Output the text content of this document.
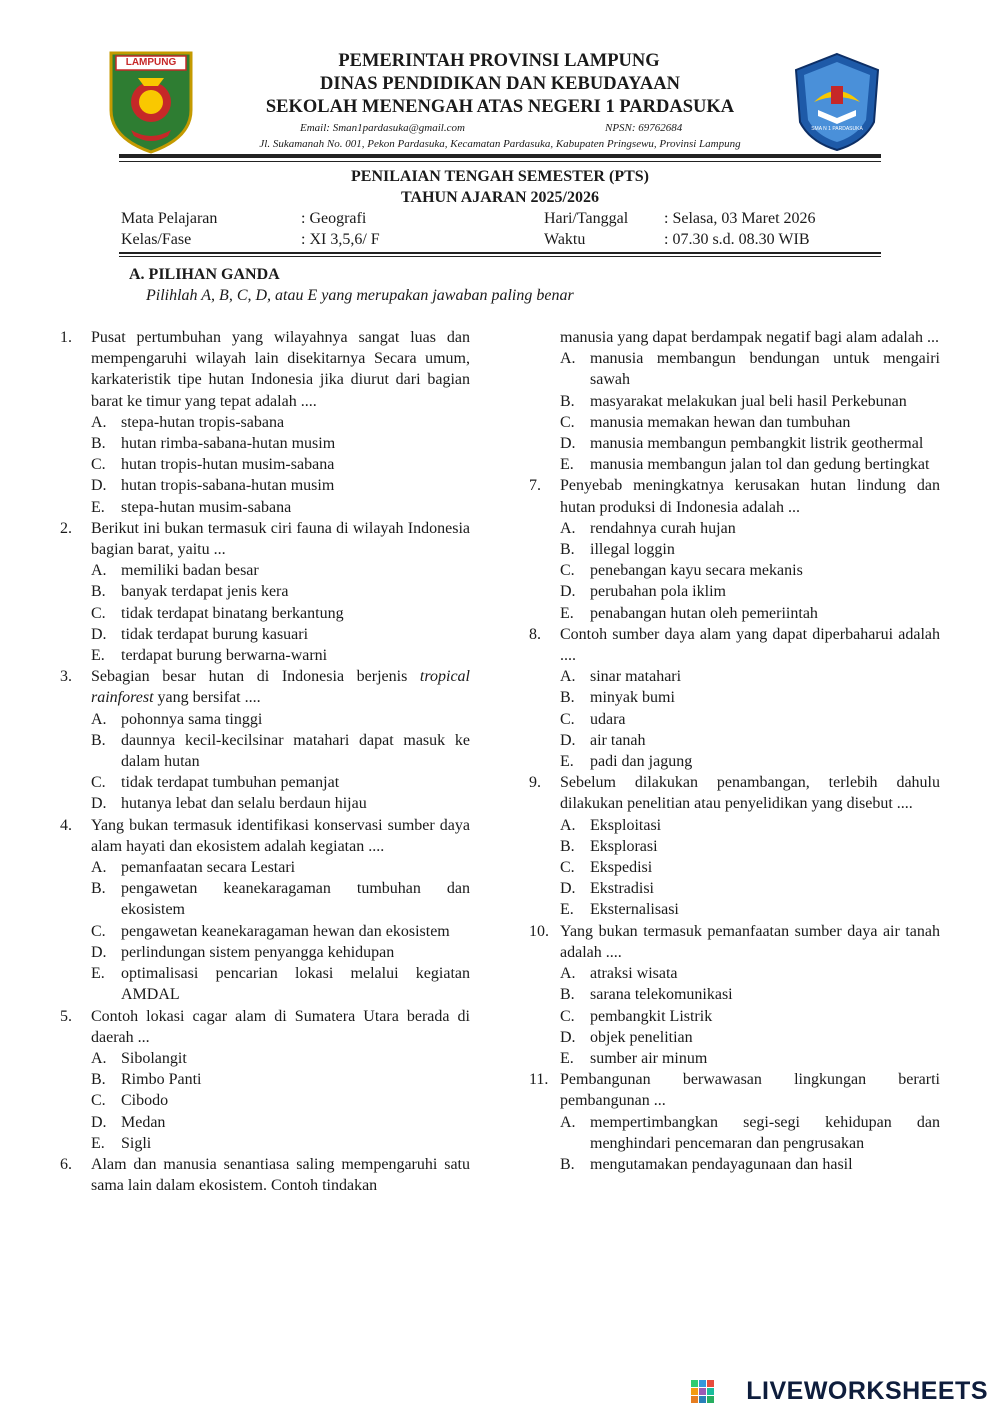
LAMPUNG
SMA N 1 PARDASUKA
PEMERINTAH PROVINSI LAMPUNG
DINAS PENDIDIKAN DAN KEBUDAYAAN
SEKOLAH MENENGAH ATAS NEGERI 1 PARDASUKA
Email: Sman1pardasuka@gmail.com	NPSN: 69762684
Jl. Sukamanah No. 001, Pekon Pardasuka, Kecamatan Pardasuka, Kabupaten Pringsewu, Provinsi Lampung
PENILAIAN TENGAH SEMESTER (PTS)
TAHUN AJARAN 2025/2026
Mata Pelajaran	: Geografi	Hari/Tanggal : Selasa, 03 Maret 2026
Kelas/Fase	: XI 3,5,6/ F	Waktu	: 07.30 s.d. 08.30 WIB
A. PILIHAN GANDA
Pilihlah A, B, C, D, atau E yang merupakan jawaban paling benar
1.	Pusat pertumbuhan yang wilayahnya sangat luas dan mempengaruhi wilayah lain disekitarnya Secara umum, karkateristik tipe hutan Indonesia jika diurut dari bagian barat ke timur yang tepat adalah ....
A. stepa-hutan tropis-sabana
B. hutan rimba-sabana-hutan musim
C. hutan tropis-hutan musim-sabana
D. hutan tropis-sabana-hutan musim
E.	stepa-hutan musim-sabana
2.	Berikut ini bukan termasuk ciri fauna di wilayah Indonesia bagian barat, yaitu ...
A. memiliki badan besar
B. banyak terdapat jenis kera
C. tidak terdapat binatang berkantung
D. tidak terdapat burung kasuari
E.	terdapat burung berwarna-warni
3.	Sebagian besar hutan di Indonesia berjenis tropical rainforest yang bersifat ....
A. pohonnya sama tinggi
B. daunnya kecil-kecilsinar matahari dapat masuk ke dalam hutan
C. tidak terdapat tumbuhan pemanjat
D. hutanya lebat dan selalu berdaun hijau
4.	Yang bukan termasuk identifikasi konservasi sumber daya alam hayati dan ekosistem adalah kegiatan ....
A. pemanfaatan secara Lestari
B. pengawetan keanekaragaman tumbuhan dan ekosistem
C. pengawetan keanekaragaman hewan dan ekosistem
D. perlindungan sistem penyangga kehidupan
E.	optimalisasi pencarian lokasi melalui kegiatan AMDAL
5.	Contoh lokasi cagar alam di Sumatera Utara berada di daerah ...
A. Sibolangit
B. Rimbo Panti
C. Cibodo
D. Medan
E.	Sigli
6.	Alam dan manusia senantiasa saling mempengaruhi satu sama lain dalam ekosistem. Contoh tindakan
manusia yang dapat berdampak negatif bagi alam adalah ...
A. manusia membangun bendungan untuk mengairi sawah
B. masyarakat melakukan jual beli hasil Perkebunan
C. manusia memakan hewan dan tumbuhan
D. manusia membangun pembangkit listrik geothermal
E.	manusia membangun jalan tol dan gedung bertingkat
7.	Penyebab meningkatnya kerusakan hutan lindung dan hutan produksi di Indonesia adalah ...
A. rendahnya curah hujan
B. illegal loggin
C. penebangan kayu secara mekanis
D. perubahan pola iklim
E.	penabangan hutan oleh pemeriintah
8.	Contoh sumber daya alam yang dapat diperbaharui adalah ....
A. sinar matahari
B. minyak bumi
C. udara
D. air tanah
E.	padi dan jagung
9.	Sebelum dilakukan penambangan, terlebih dahulu dilakukan penelitian atau penyelidikan yang disebut ....
A. Eksploitasi
B. Eksplorasi
C. Ekspedisi
D. Ekstradisi
E.	Eksternalisasi
10. Yang bukan termasuk pemanfaatan sumber daya air tanah adalah ....
A. atraksi wisata
B. sarana telekomunikasi
C. pembangkit Listrik
D. objek penelitian
E.	sumber air minum
11. Pembangunan berwawasan lingkungan berarti pembangunan ...
A. mempertimbangkan segi-segi kehidupan dan menghindari pencemaran dan pengrusakan
B. mengutamakan pendayagunaan dan hasil
LIVEWORKSHEETS
